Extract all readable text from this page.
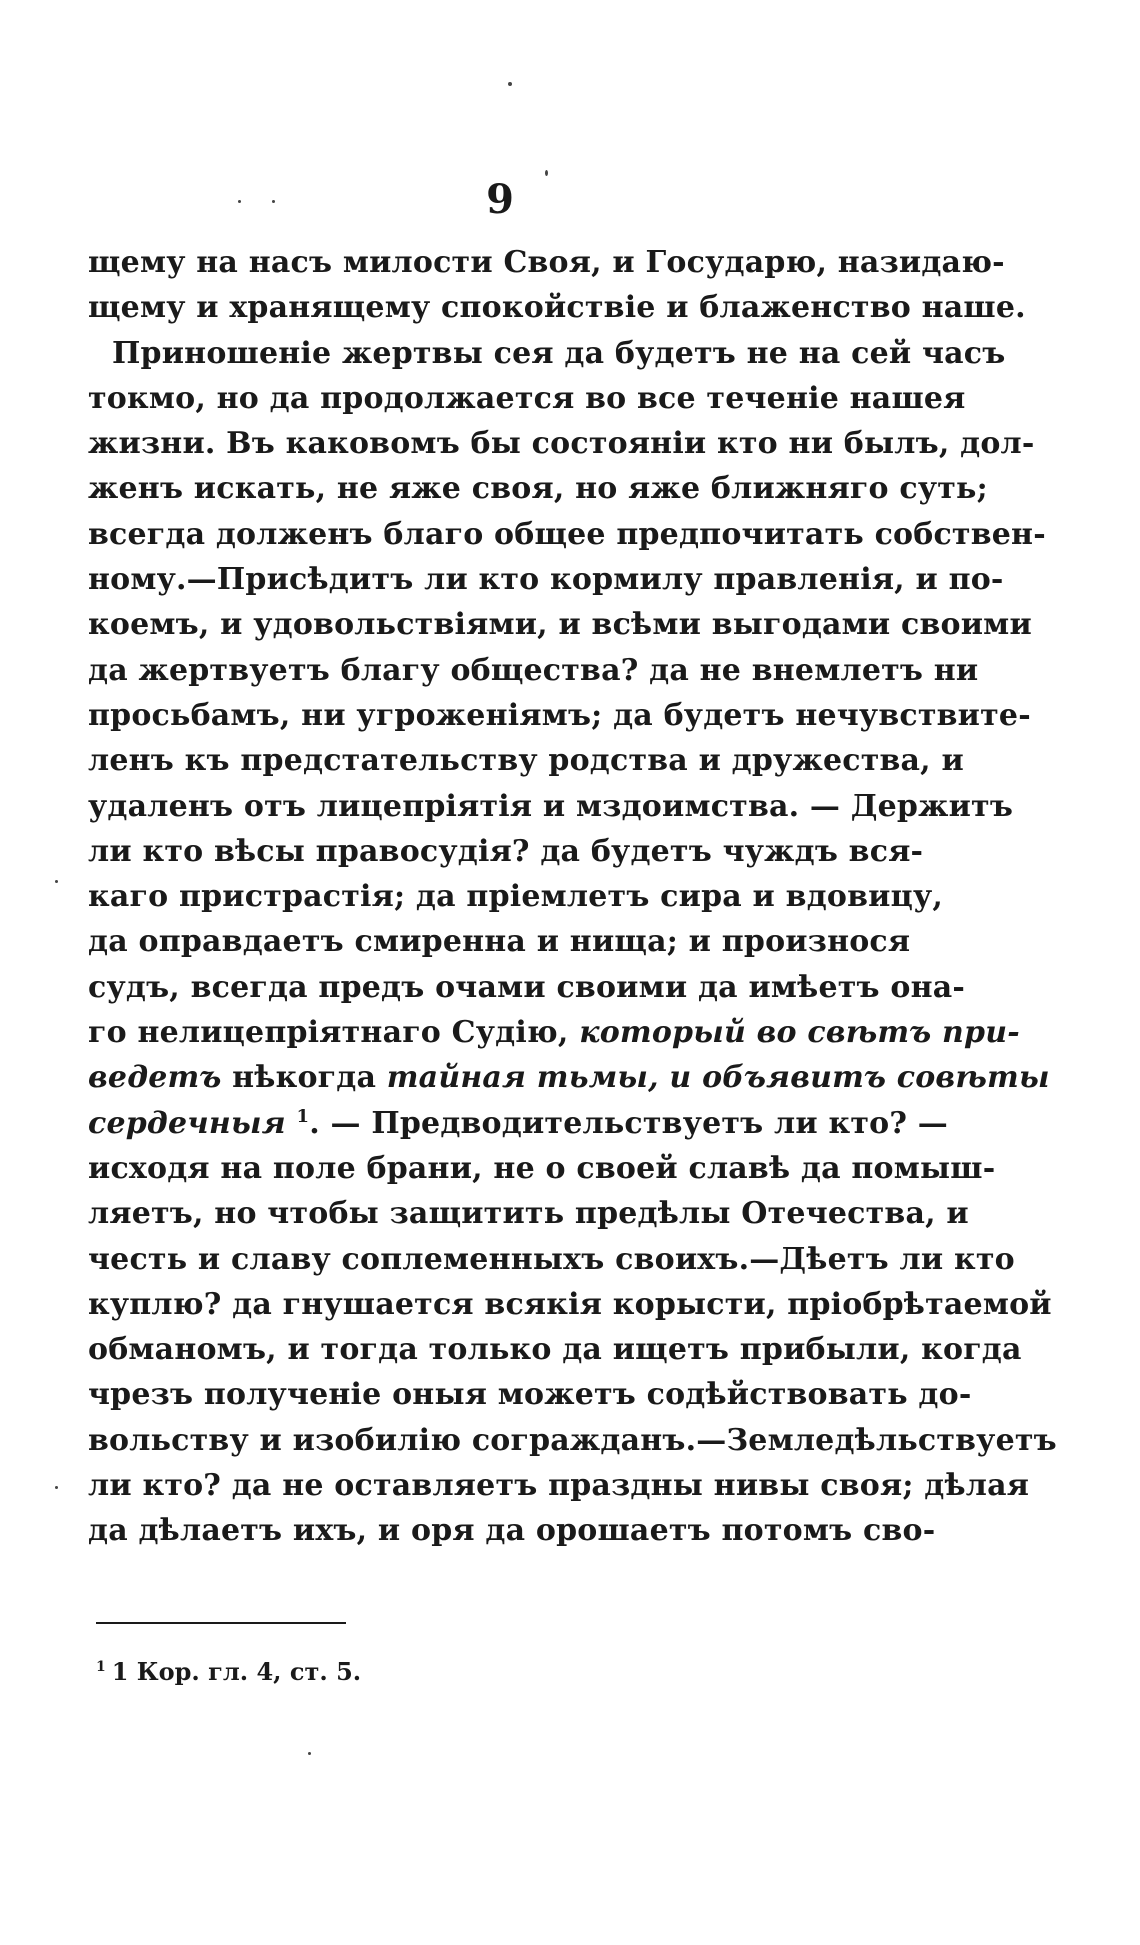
9
щему на насъ милости Своя, и Государю, назидаю-
щему и хранящему спокойствіе и блаженство наше.
Приношеніе жертвы сея да будетъ не на сей часъ
токмо, но да продолжается во все теченіе нашея
жизни. Въ каковомъ бы состояніи кто ни былъ, дол-
женъ искать, не яже своя, но яже ближняго суть;
всегда долженъ благо общее предпочитать собствен-
ному.—Присѣдитъ ли кто кормилу правленія, и по-
коемъ, и удовольствіями, и всѣми выгодами своими
да жертвуетъ благу общества? да не внемлетъ ни
просьбамъ, ни угроженіямъ; да будетъ нечувствите-
ленъ къ предстательству родства и дружества, и
удаленъ отъ лицепріятія и мздоимства. — Держитъ
ли кто вѣсы правосудія? да будетъ чуждъ вся-
каго пристрастія; да пріемлетъ сира и вдовицу,
да оправдаетъ смиренна и нища; и произнося
судъ, всегда предъ очами своими да имѣетъ она-
го нелицепріятнаго Судію, который во свѣтъ при-
ведетъ нѣкогда тайная тьмы, и объявитъ совѣты
сердечныя $^1$. — Предводительствуетъ ли кто? —
исходя на поле брани, не о своей славѣ да помыш-
ляетъ, но чтобы защитить предѣлы Отечества, и
честь и славу соплеменныхъ своихъ.—Дѣетъ ли кто
куплю? да гнушается всякія корысти, пріобрѣтаемой
обманомъ, и тогда только да ищетъ прибыли, когда
чрезъ полученіе оныя можетъ содѣйствовать до-
вольству и изобилію согражданъ.—Земледѣльствуетъ
ли кто? да не оставляетъ праздны нивы своя; дѣлая
да дѣлаетъ ихъ, и оря да орошаетъ потомъ сво-
$^1$ 1 Кор. гл. 4, ст. 5.
